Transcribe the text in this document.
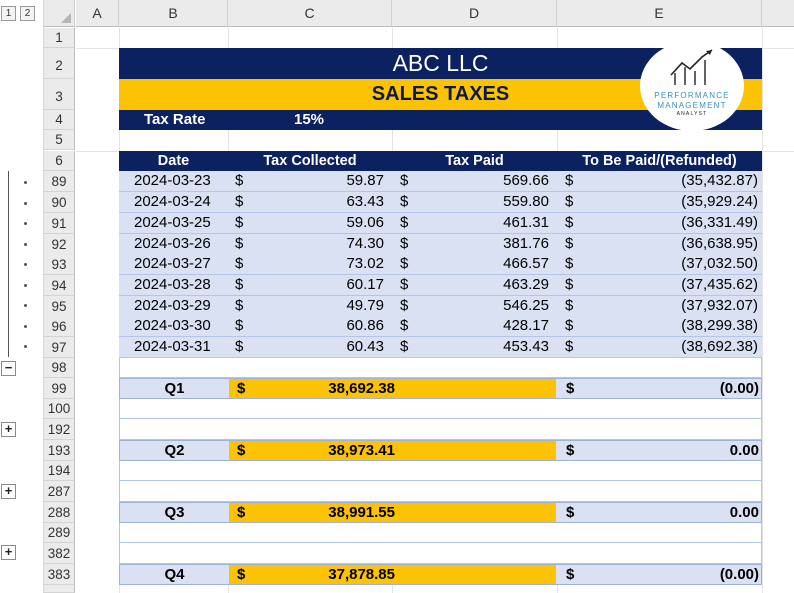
1	2
−
+
+
+
A	B	C	D	E
1
2
3
4
5
6
89
90
91
92
93
94
95
96
97
98
99
100
192
193
194
287
288
289
382
383
ABC LLC
SALES TAXES
Tax Rate	15%
PERFORMANCE
MANAGEMENT
ANALYST
Date	Tax Collected	Tax Paid	To Be Paid/(Refunded)
2024-03-23	$	59.87 $	569.66 $	(35,432.87)
2024-03-24	$	63.43 $	559.80 $	(35,929.24)
2024-03-25	$	59.06 $	461.31 $	(36,331.49)
2024-03-26	$	74.30 $	381.76 $	(36,638.95)
2024-03-27	$	73.02 $	466.57 $	(37,032.50)
2024-03-28	$	60.17 $	463.29 $	(37,435.62)
2024-03-29	$	49.79 $	546.25 $	(37,932.07)
2024-03-30	$	60.86 $	428.17 $	(38,299.38)
2024-03-31	$	60.43 $	453.43 $	(38,692.38)
Q1	$	38,692.38	$	(0.00)
Q2	$	38,973.41	$	0.00
Q3	$	38,991.55	$	0.00
Q4	$	37,878.85	$	(0.00)
